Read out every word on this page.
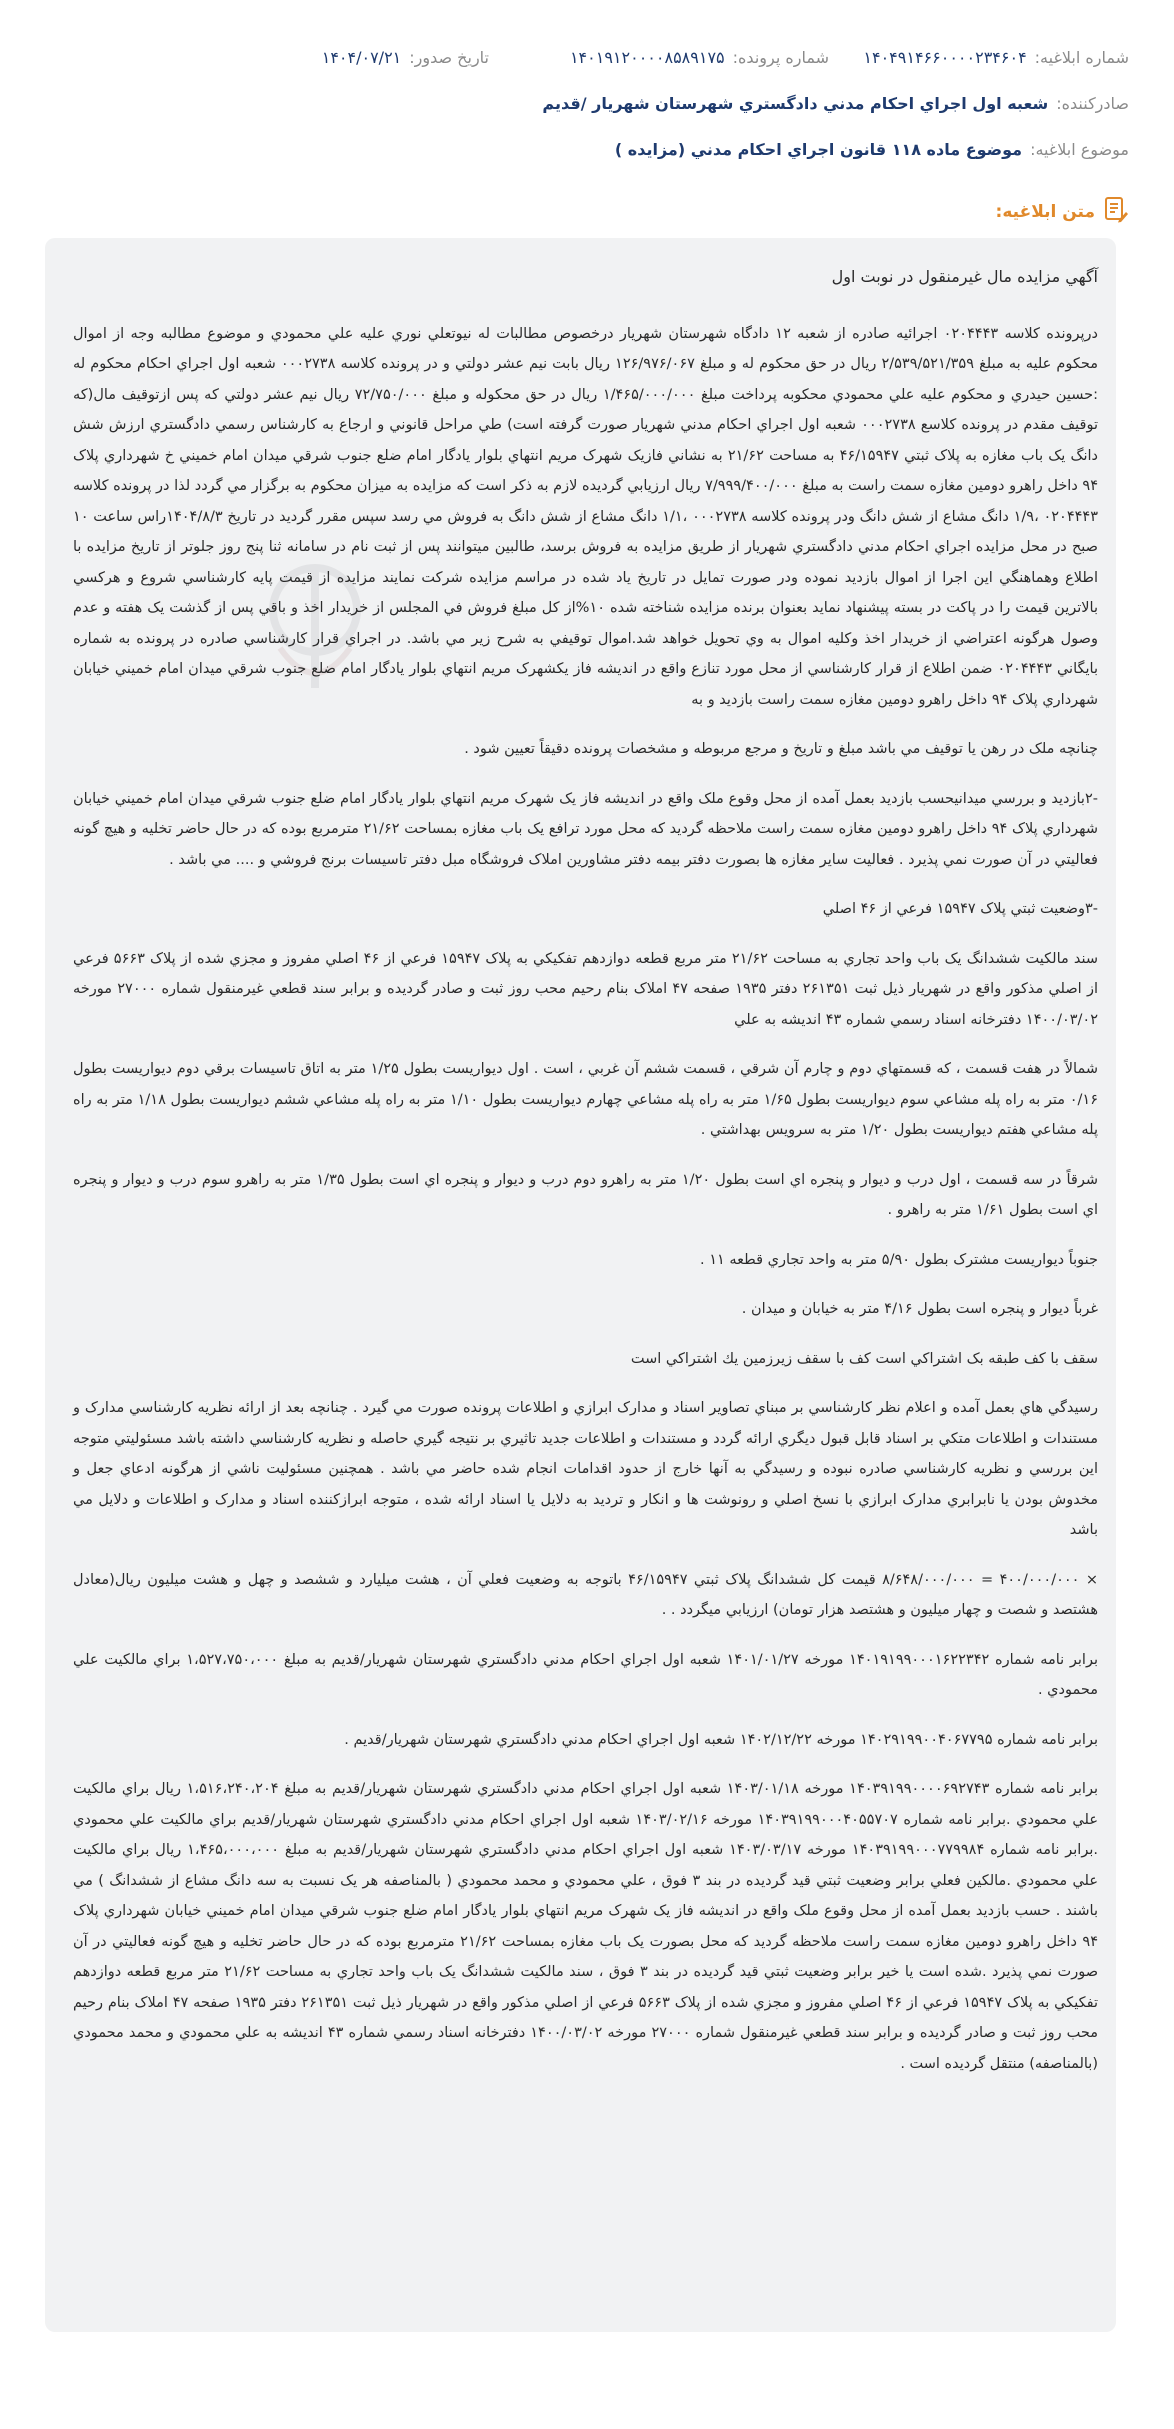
شماره ابلاغیه:
۱۴۰۴۹۱۴۶۶۰۰۰۰۲۳۴۶۰۴
شماره پرونده:
۱۴۰۱۹۱۲۰۰۰۰۸۵۸۹۱۷۵
تاریخ صدور:
۱۴۰۴/۰۷/۲۱
صادرکننده:
شعبه اول اجراي احکام مدني دادگستري شهرستان شهريار /قديم
موضوع ابلاغیه:
موضوع ماده ۱۱۸ قانون اجراي احکام مدني (مزايده )
متن ابلاغیه:

آگهي مزايده مال غيرمنقول در نوبت اول

درپرونده کلاسه ۰۲۰۴۴۴۳ اجرائيه صادره از شعبه ۱۲ دادگاه شهرستان شهريار درخصوص مطالبات له نيوتعلي نوري عليه علي محمودي و موضوع مطالبه وجه از اموال محکوم عليه به مبلغ ۲/۵۳۹/۵۲۱/۳۵۹ ريال در حق محکوم له و مبلغ ۱۲۶/۹۷۶/۰۶۷ ريال بابت نيم عشر دولتي و در پرونده کلاسه ۰۰۰۲۷۳۸ شعبه اول اجراي احکام محکوم له :حسين حيدري و محکوم عليه علي محمودي محکوبه پرداخت مبلغ ۱/۴۶۵/۰۰۰/۰۰۰ ريال در حق محکوله و مبلغ ۷۲/۷۵۰/۰۰۰ ريال نيم عشر دولتي که پس ازتوقيف مال(که توقيف مقدم در پرونده کلاسع ۰۰۰۲۷۳۸ شعبه اول اجراي احکام مدني شهريار صورت گرفته است) طي مراحل قانوني و ارجاع به کارشناس رسمي دادگستري ارزش شش دانگ يک باب مغازه به پلاک ثبتي ۴۶/۱۵۹۴۷ به مساحت ۲۱/۶۲ به نشاني فازيک شهرک مريم انتهاي بلوار يادگار امام ضلع جنوب شرقي ميدان امام خميني خ شهرداري پلاک ۹۴ داخل راهرو دومين مغازه سمت راست به مبلغ ۷/۹۹۹/۴۰۰/۰۰۰ ريال ارزيابي گرديده لازم به ذکر است که مزايده به ميزان محکوم به برگزار مي گردد لذا در پرونده کلاسه ۰۲۰۴۴۴۳ ،۱/۹ دانگ مشاع از شش دانگ ودر پرونده کلاسه ۰۰۰۲۷۳۸ ،۱/۱ دانگ مشاع از شش دانگ به فروش مي رسد سپس مقرر گرديد در تاريخ ۱۴۰۴/۸/۳راس ساعت ۱۰ صبح در محل مزايده اجراي احکام مدني دادگستري شهريار از طريق مزايده به فروش برسد، طالبين ميتوانند پس از ثبت نام در سامانه ثنا پنج روز جلوتر از تاريخ مزايده با اطلاع وهماهنگي اين اجرا از اموال بازديد نموده ودر صورت تمايل در تاريخ ياد شده در مراسم مزايده شرکت نمايند مزايده از قيمت پايه کارشناسي شروع و هرکسي بالاترين قيمت را در پاکت در بسته پيشنهاد نمايد بعنوان برنده مزايده شناخته شده ۱۰%از کل مبلغ فروش في المجلس از خريدار اخذ و باقي پس از گذشت يک هفته و عدم وصول هرگونه اعتراضي از خريدار اخذ وکليه اموال به وي تحويل خواهد شد.اموال توقيفي به شرح زير مي باشد. در اجراي قرار کارشناسي صادره در پرونده به شماره بايگاني ۰۲۰۴۴۴۳ ضمن اطلاع از قرار کارشناسي از محل مورد تنازع واقع در انديشه فاز يکشهرک مريم انتهاي بلوار يادگار امام ضلع جنوب شرقي ميدان امام خميني خيابان شهرداري پلاک ۹۴ داخل راهرو دومين مغازه سمت راست بازديد و به

چنانچه ملک در رهن يا توقيف مي باشد مبلغ و تاريخ و مرجع مربوطه و مشخصات پرونده دقيقاً تعيين شود .

-۲بازديد و بررسي ميدانيحسب بازديد بعمل آمده از محل وقوع ملک واقع در انديشه فاز يک شهرک مريم انتهاي بلوار يادگار امام ضلع جنوب شرقي ميدان امام خميني خيابان شهرداري پلاک ۹۴ داخل راهرو دومين مغازه سمت راست ملاحظه گرديد که محل مورد ترافع يک باب مغازه بمساحت ۲۱/۶۲ مترمربع بوده که در حال حاضر تخليه و هيچ گونه فعاليتي در آن صورت نمي پذيرد . فعاليت ساير مغازه ها بصورت دفتر بيمه دفتر مشاورين املاک فروشگاه مبل دفتر تاسيسات برنج فروشي و .... مي باشد .

-۳وضعيت ثبتي پلاک ۱۵۹۴۷ فرعي از ۴۶ اصلي

سند مالکيت ششدانگ يک باب واحد تجاري به مساحت ۲۱/۶۲ متر مربع قطعه دوازدهم تفکيکي به پلاک ۱۵۹۴۷ فرعي از ۴۶ اصلي مفروز و مجزي شده از پلاک ۵۶۶۳ فرعي از اصلي مذکور واقع در شهريار ذيل ثبت ۲۶۱۳۵۱ دفتر ۱۹۳۵ صفحه ۴۷ املاک بنام رحيم محب روز ثبت و صادر گرديده و برابر سند قطعي غيرمنقول شماره ۲۷۰۰۰ مورخه ۱۴۰۰/۰۳/۰۲ دفترخانه اسناد رسمي شماره ۴۳ انديشه به علي

شمالاً در هفت قسمت ، که قسمتهاي دوم و چارم آن شرقي ، قسمت ششم آن غربي ، است . اول ديواريست بطول ۱/۲۵ متر به اتاق تاسيسات برقي دوم ديواريست بطول ۰/۱۶ متر به راه پله مشاعي سوم ديواريست بطول ۱/۶۵ متر به راه پله مشاعي چهارم ديواريست بطول ۱/۱۰ متر به راه پله مشاعي ششم ديواريست بطول ۱/۱۸ متر به راه پله مشاعي هفتم ديواريست بطول ۱/۲۰ متر به سرويس بهداشتي .

شرقاً در سه قسمت ، اول درب و ديوار و پنجره اي است بطول ۱/۲۰ متر به راهرو دوم درب و ديوار و پنجره اي است بطول ۱/۳۵ متر به راهرو سوم درب و ديوار و پنجره اي است بطول ۱/۶۱ متر به راهرو .

جنوباً ديواريست مشترک بطول ۵/۹۰ متر به واحد تجاري قطعه ۱۱ .

غرباً ديوار و پنجره است بطول ۴/۱۶ متر به خيابان و ميدان .

سقف با کف طبقه بک اشتراکي است کف با سقف زيرزمين يك اشتراکي است

رسيدگي هاي بعمل آمده و اعلام نظر کارشناسي بر مبناي تصاوير اسناد و مدارک ابرازي و اطلاعات پرونده صورت مي گيرد . چنانچه بعد از ارائه نظريه کارشناسي مدارک و مستندات و اطلاعات متکي بر اسناد قابل قبول ديگري ارائه گردد و مستندات و اطلاعات جديد تاثيري بر نتيجه گيري حاصله و نظريه کارشناسي داشته باشد مسئوليتي متوجه اين بررسي و نظريه کارشناسي صادره نبوده و رسيدگي به آنها خارج از حدود اقدامات انجام شده حاضر مي باشد . همچنين مسئوليت ناشي از هرگونه ادعاي جعل و مخدوش بودن يا نابرابري مدارک ابرازي با نسخ اصلي و رونوشت ها و انکار و ترديد به دلايل يا اسناد ارائه شده ، متوجه ابرازکننده اسناد و مدارک و اطلاعات و دلايل مي باشد

× ۴۰۰/۰۰۰/۰۰۰ = ۸/۶۴۸/۰۰۰/۰۰۰ قيمت کل ششدانگ پلاک ثبتي ۴۶/۱۵۹۴۷ باتوجه به وضعيت فعلي آن ، هشت ميليارد و ششصد و چهل و هشت ميليون ريال(معادل هشتصد و شصت و چهار ميليون و هشتصد هزار تومان) ارزيابي ميگردد . .

برابر نامه شماره ۱۴۰۱۹۱۹۹۰۰۰۱۶۲۲۳۴۲ مورخه ۱۴۰۱/۰۱/۲۷ شعبه اول اجراي احکام مدني دادگستري شهرستان شهريار/قديم به مبلغ ۱،۵۲۷،۷۵۰،۰۰۰ براي مالکيت علي محمودي .

برابر نامه شماره ۱۴۰۲۹۱۹۹۰۰۴۰۶۷۷۹۵ مورخه ۱۴۰۲/۱۲/۲۲ شعبه اول اجراي احکام مدني دادگستري شهرستان شهريار/قديم .

برابر نامه شماره ۱۴۰۳۹۱۹۹۰۰۰۰۶۹۲۷۴۳ مورخه ۱۴۰۳/۰۱/۱۸ شعبه اول اجراي احکام مدني دادگستري شهرستان شهريار/قديم به مبلغ ۱،۵۱۶،۲۴۰،۲۰۴ ريال براي مالکيت علي محمودي .برابر نامه شماره ۱۴۰۳۹۱۹۹۰۰۰۴۰۵۵۷۰۷ مورخه ۱۴۰۳/۰۲/۱۶ شعبه اول اجراي احکام مدني دادگستري شهرستان شهريار/قديم براي مالکيت علي محمودي .برابر نامه شماره ۱۴۰۳۹۱۹۹۰۰۰۷۷۹۹۸۴ مورخه ۱۴۰۳/۰۳/۱۷ شعبه اول اجراي احکام مدني دادگستري شهرستان شهريار/قديم به مبلغ ۱،۴۶۵،۰۰۰،۰۰۰ ريال براي مالکيت علي محمودي .مالکين فعلي برابر وضعيت ثبتي قيد گرديده در بند ۳ فوق ، علي محمودي و محمد محمودي ( بالمناصفه هر يک نسبت به سه دانگ مشاع از ششدانگ ) مي باشند . حسب بازديد بعمل آمده از محل وقوع ملک واقع در انديشه فاز يک شهرک مريم انتهاي بلوار يادگار امام ضلع جنوب شرقي ميدان امام خميني خيابان شهرداري پلاک ۹۴ داخل راهرو دومين مغازه سمت راست ملاحظه گرديد که محل بصورت يک باب مغازه بمساحت ۲۱/۶۲ مترمربع بوده که در حال حاضر تخليه و هيچ گونه فعاليتي در آن صورت نمي پذيرد .شده است يا خير برابر وضعيت ثبتي قيد گرديده در بند ۳ فوق ، سند مالکيت ششدانگ يک باب واحد تجاري به مساحت ۲۱/۶۲ متر مربع قطعه دوازدهم تفکيکي به پلاک ۱۵۹۴۷ فرعي از ۴۶ اصلي مفروز و مجزي شده از پلاک ۵۶۶۳ فرعي از اصلي مذکور واقع در شهريار ذيل ثبت ۲۶۱۳۵۱ دفتر ۱۹۳۵ صفحه ۴۷ املاک بنام رحيم محب روز ثبت و صادر گرديده و برابر سند قطعي غيرمنقول شماره ۲۷۰۰۰ مورخه ۱۴۰۰/۰۳/۰۲ دفترخانه اسناد رسمي شماره ۴۳ انديشه به علي محمودي و محمد محمودي (بالمناصفه) منتقل گرديده است .
